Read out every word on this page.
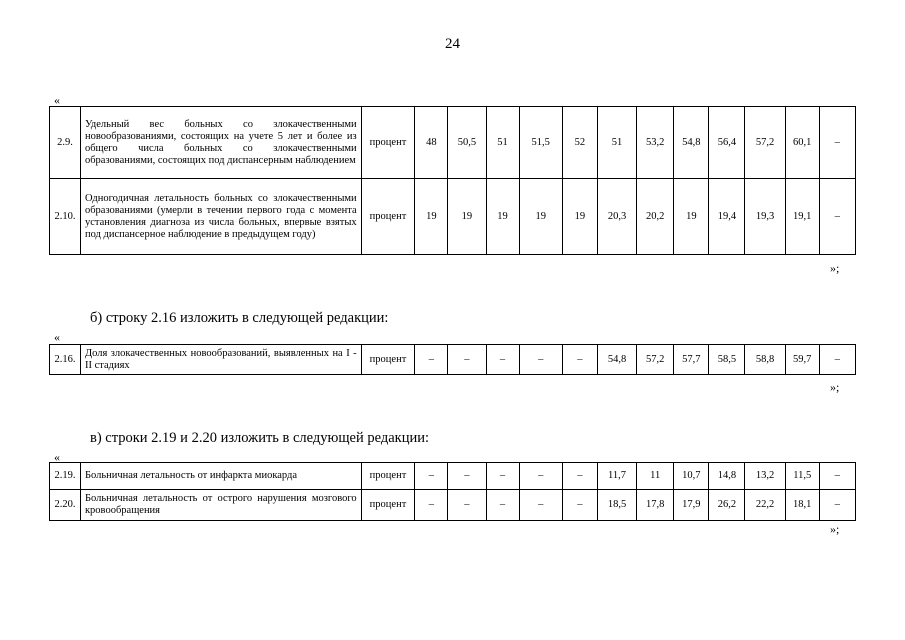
24
«
2.9.	Удельный вес больных со злокачественными новообразованиями, состоящих на учете 5 лет и более из общего числа больных со злокачественными образованиями, состоящих под диспансерным наблюдением	процент	48	50,5	51	51,5	52	51	53,2	54,8	56,4	57,2	60,1	–
2.10.	Одногодичная летальность больных со злокачественными образованиями (умерли в течении первого года с момента установления диагноза из числа больных, впервые взятых под диспансерное наблюдение в предыдущем году)	процент	19	19	19	19	19	20,3	20,2	19	19,4	19,3	19,1	–
»;
б) строку 2.16 изложить в следующей редакции:
«
2.16.	Доля злокачественных новообразований, выявленных на I - II стадиях	процент	–	–	–	–	–	54,8	57,2	57,7	58,5	58,8	59,7	–
»;
в) строки 2.19 и 2.20 изложить в следующей редакции:
«
2.19.	Больничная летальность от инфаркта миокарда	процент	–	–	–	–	–	11,7	11	10,7	14,8	13,2	11,5	–
2.20.	Больничная летальность от острого нарушения мозгового кровообращения	процент	–	–	–	–	–	18,5	17,8	17,9	26,2	22,2	18,1	–
»;
